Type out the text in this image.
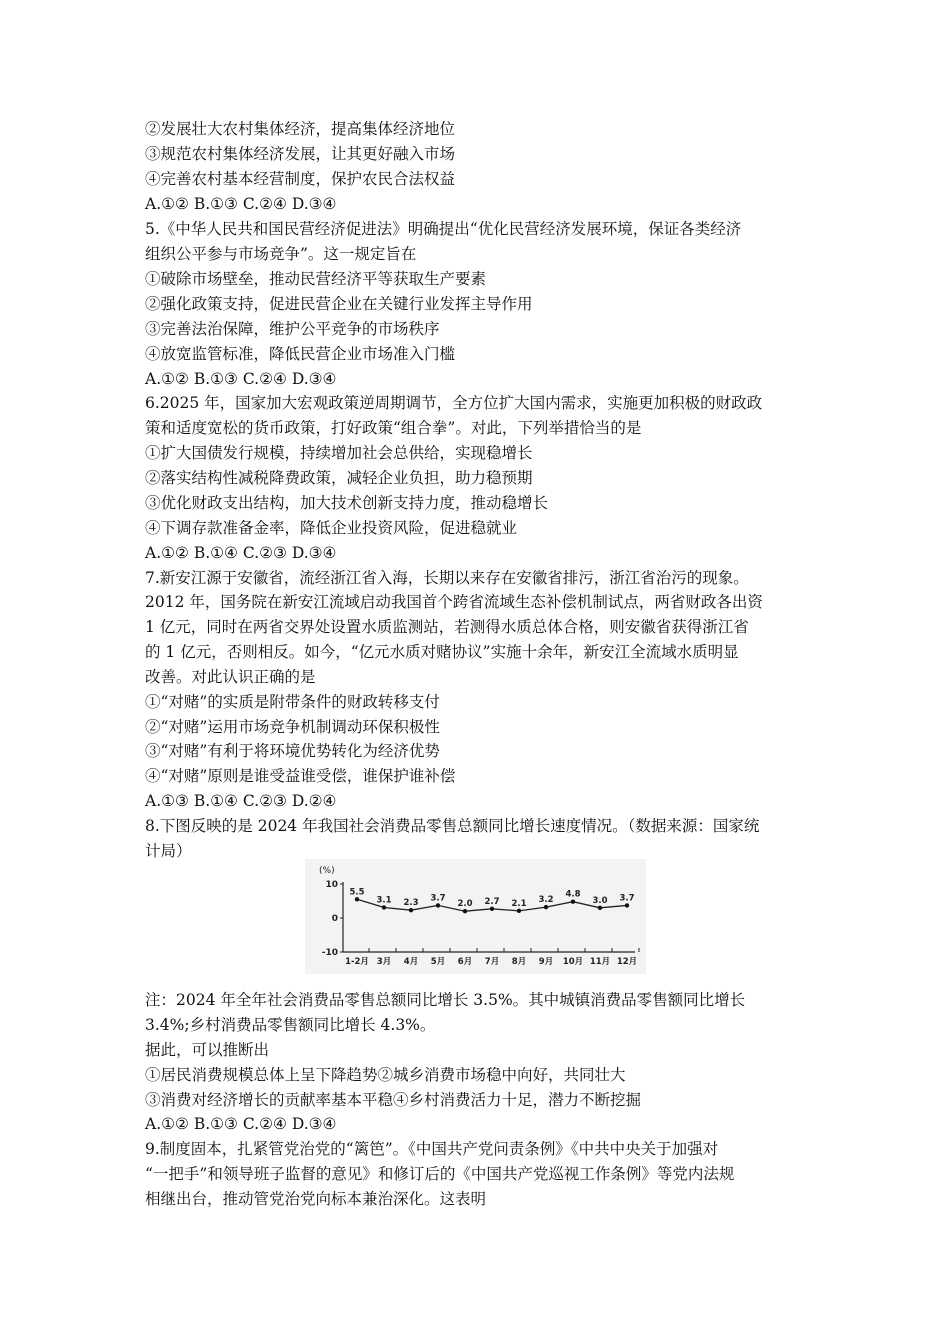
②发展壮大农村集体经济，提高集体经济地位
③规范农村集体经济发展，让其更好融入市场
④完善农村基本经营制度，保护农民合法权益
A.①② B.①③ C.②④ D.③④
5.《中华人民共和国民营经济促进法》明确提出“优化民营经济发展环境，保证各类经济
组织公平参与市场竞争”。这一规定旨在
①破除市场壁垒，推动民营经济平等获取生产要素
②强化政策支持，促进民营企业在关键行业发挥主导作用
③完善法治保障，维护公平竞争的市场秩序
④放宽监管标准，降低民营企业市场准入门槛
A.①② B.①③ C.②④ D.③④
6.2025 年，国家加大宏观政策逆周期调节，全方位扩大国内需求，实施更加积极的财政政
策和适度宽松的货币政策，打好政策“组合拳”。对此，下列举措恰当的是
①扩大国债发行规模，持续增加社会总供给，实现稳增长
②落实结构性减税降费政策，减轻企业负担，助力稳预期
③优化财政支出结构，加大技术创新支持力度，推动稳增长
④下调存款准备金率，降低企业投资风险，促进稳就业
A.①② B.①④ C.②③ D.③④
7.新安江源于安徽省，流经浙江省入海，长期以来存在安徽省排污，浙江省治污的现象。
2012 年，国务院在新安江流域启动我国首个跨省流域生态补偿机制试点，两省财政各出资
1 亿元，同时在两省交界处设置水质监测站，若测得水质总体合格，则安徽省获得浙江省
的 1 亿元，否则相反。如今，“亿元水质对赌协议”实施十余年，新安江全流域水质明显
改善。对此认识正确的是
①“对赌”的实质是附带条件的财政转移支付
②“对赌”运用市场竞争机制调动环保积极性
③“对赌”有利于将环境优势转化为经济优势
④“对赌”原则是谁受益谁受偿，谁保护谁补偿
A.①③ B.①④ C.②③ D.②④
8.下图反映的是 2024 年我国社会消费品零售总额同比增长速度情况。（数据来源：国家统
计局）
(%)
10
0
-10
1-2月 3月 4月 5月 6月 7月 8月 9月 10月 11月 12月
5.5
3.1 2.3 3.7
2.0 2.7 2.1 3.2
4.8
3.0 3.7
注：2024 年全年社会消费品零售总额同比增长 3.5%。其中城镇消费品零售额同比增长
3.4%;乡村消费品零售额同比增长 4.3%。
据此，可以推断出
①居民消费规模总体上呈下降趋势②城乡消费市场稳中向好，共同壮大
③消费对经济增长的贡献率基本平稳④乡村消费活力十足，潜力不断挖掘
A.①② B.①③ C.②④ D.③④
9.制度固本，扎紧管党治党的“篱笆”。《中国共产党问责条例》《中共中央关于加强对
“一把手”和领导班子监督的意见》和修订后的《中国共产党巡视工作条例》等党内法规
相继出台，推动管党治党向标本兼治深化。这表明
